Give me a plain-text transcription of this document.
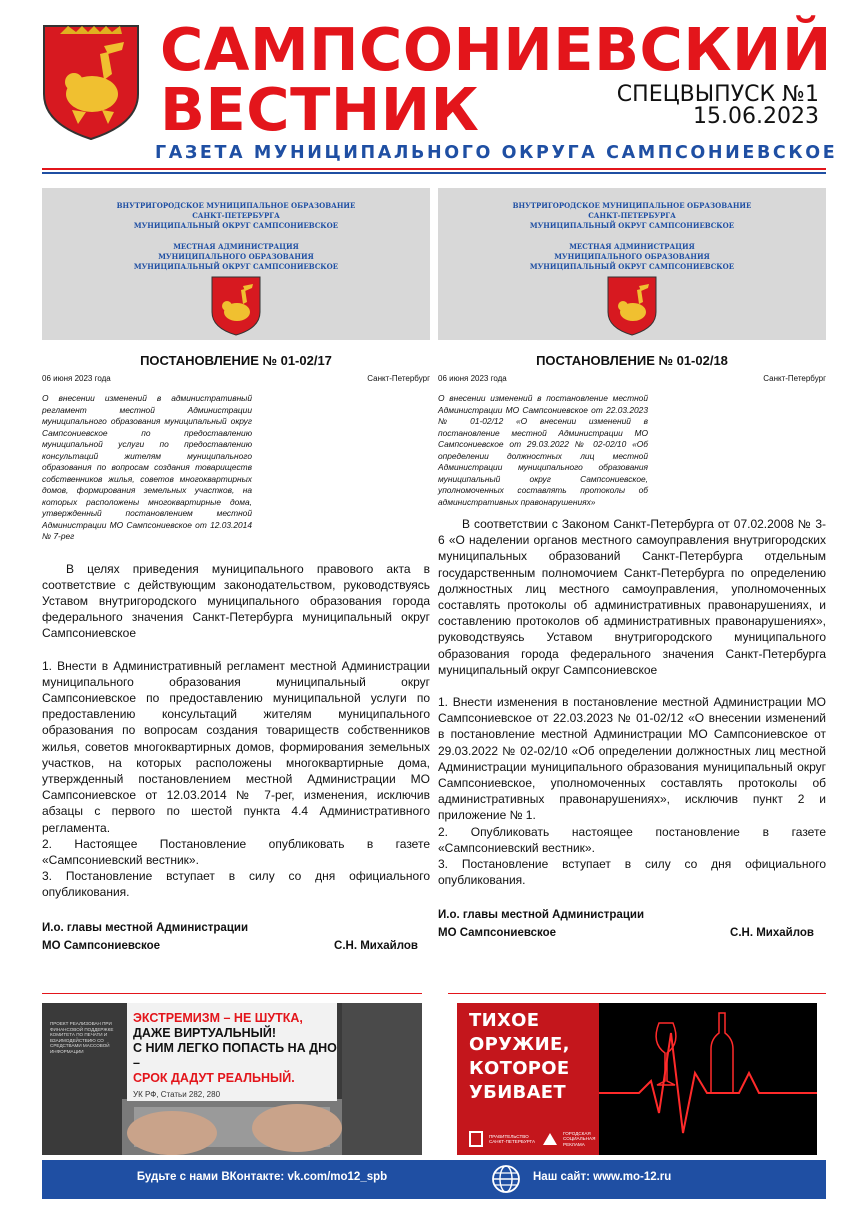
САМПСОНИЕВСКИЙ
ВЕСТНИК	СПЕЦВЫПУСК №1
15.06.2023
ГАЗЕТА МУНИЦИПАЛЬНОГО ОКРУГА САМПСОНИЕВСКОЕ
ВНУТРИГОРОДСКОЕ МУНИЦИПАЛЬНОЕ ОБРАЗОВАНИЕ
САНКТ-ПЕТЕРБУРГА
МУНИЦИПАЛЬНЫЙ ОКРУГ САМПСОНИЕВСКОЕ
МЕСТНАЯ АДМИНИСТРАЦИЯ
МУНИЦИПАЛЬНОГО ОБРАЗОВАНИЯ
МУНИЦИПАЛЬНЫЙ ОКРУГ САМПСОНИЕВСКОЕ
ПОСТАНОВЛЕНИЕ № 01-02/17
06 июня 2023 года	Санкт-Петербург
О внесении изменений в административный регламент местной Администрации муниципального образования муниципальный округ Сампсониевское по предоставлению муниципальной услуги по предоставлению консультаций жителям муниципального образования по вопросам создания товариществ собственников жилья, советов многоквартирных домов, формирования земельных участков, на которых расположены многоквартирные дома, утвержденный постановлением местной Администрации МО Сампсониевское от 12.03.2014 № 7-рег
В целях приведения муниципального правового акта в соответствие с действующим законодательством, руководствуясь Уставом внутригородского муниципального образования города федерального значения Санкт-Петербурга муниципальный округ Сампсониевское
1. Внести в Административный регламент местной Администрации муниципального образования муниципальный округ Сампсониевское по предоставлению муниципальной услуги по предоставлению консультаций жителям муниципального образования по вопросам создания товариществ собственников жилья, советов многоквартирных домов, формирования земельных участков, на которых расположены многоквартирные дома, утвержденный постановлением местной Администрации МО Сампсониевское от 12.03.2014 № 7-рег, изменения, исключив абзацы с первого по шестой пункта 4.4 Административного регламента.
2. Настоящее Постановление опубликовать в газете «Сампсониевский вестник».
3. Постановление вступает в силу со дня официального опубликования.
И.о. главы местной Администрации
МО Сампсониевское	С.Н. Михайлов
ВНУТРИГОРОДСКОЕ МУНИЦИПАЛЬНОЕ ОБРАЗОВАНИЕ
САНКТ-ПЕТЕРБУРГА
МУНИЦИПАЛЬНЫЙ ОКРУГ САМПСОНИЕВСКОЕ
МЕСТНАЯ АДМИНИСТРАЦИЯ
МУНИЦИПАЛЬНОГО ОБРАЗОВАНИЯ
МУНИЦИПАЛЬНЫЙ ОКРУГ САМПСОНИЕВСКОЕ
ПОСТАНОВЛЕНИЕ № 01-02/18
06 июня 2023 года	Санкт-Петербург
О внесении изменений в постановление местной Администрации МО Сампсониевское от 22.03.2023 № 01-02/12 «О внесении изменений в постановление местной Администрации МО Сампсониевское от 29.03.2022 № 02-02/10 «Об определении должностных лиц местной Администрации муниципального образования муниципальный округ Сампсониевское, уполномоченных составлять протоколы об административных правонарушениях»
В соответствии с Законом Санкт-Петербурга от 07.02.2008 № 3-6 «О наделении органов местного самоуправления внутригородских муниципальных образований Санкт-Петербурга отдельным государственным полномочием Санкт-Петербурга по определению должностных лиц местного самоуправления, уполномоченных составлять протоколы об административных правонарушениях, и составлению протоколов об административных правонарушениях», руководствуясь Уставом внутригородского муниципального образования города федерального значения Санкт-Петербурга муниципальный округ Сампсониевское
1. Внести изменения в постановление местной Администрации МО Сампсониевское от 22.03.2023 № 01-02/12 «О внесении изменений в постановление местной Администрации МО Сампсониевское от 29.03.2022 № 02-02/10 «Об определении должностных лиц местной Администрации муниципального образования муниципальный округ Сампсониевское, уполномоченных составлять протоколы об административных правонарушениях», исключив пункт 2 и приложение № 1.
2. Опубликовать настоящее постановление в газете «Сампсониевский вестник».
3. Постановление вступает в силу со дня официального опубликования.
И.о. главы местной Администрации
МО Сампсониевское	С.Н. Михайлов
ПРОЕКТ РЕАЛИЗОВАН ПРИ ФИНАНСОВОЙ ПОДДЕРЖКЕ КОМИТЕТА ПО ПЕЧАТИ И ВЗАИМОДЕЙСТВИЮ СО СРЕДСТВАМИ МАССОВОЙ ИНФОРМАЦИИ
ЭКСТРЕМИЗМ – НЕ ШУТКА,
ДАЖЕ ВИРТУАЛЬНЫЙ!
С НИМ ЛЕГКО ПОПАСТЬ НА ДНО –
СРОК ДАДУТ РЕАЛЬНЫЙ.
УК РФ, Статьи 282, 280
ТИХОЕ
ОРУЖИЕ,
КОТОРОЕ
УБИВАЕТ
ПРАВИТЕЛЬСТВО САНКТ-ПЕТЕРБУРГА
ГОРОДСКАЯ СОЦИАЛЬНАЯ РЕКЛАМА
Будьте с нами ВКонтакте: vk.com/mo12_spb	Наш сайт: www.mo-12.ru
